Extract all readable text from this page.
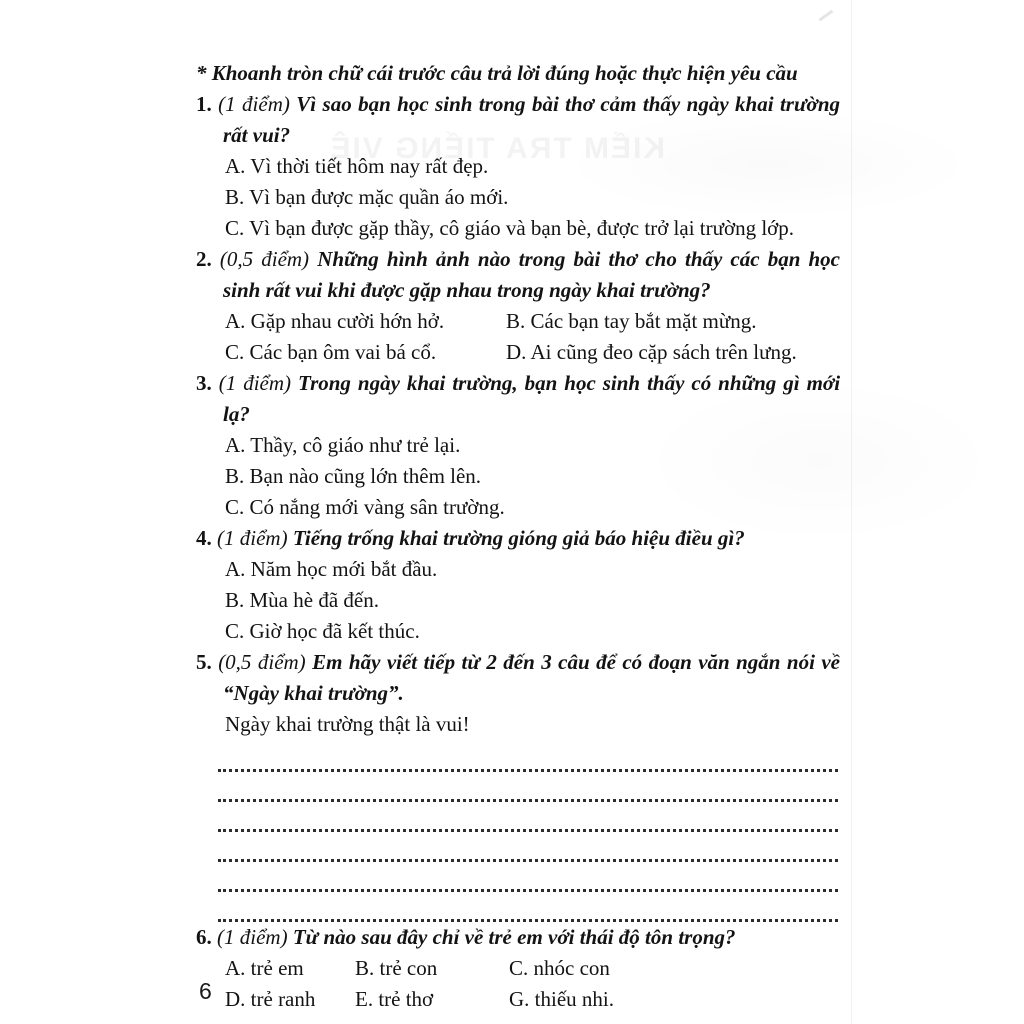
KIỂM TRA TIẾNG VIỆ

* Khoanh tròn chữ cái trước câu trả lời đúng hoặc thực hiện yêu cầu

1. (1 điểm) Vì sao bạn học sinh trong bài thơ cảm thấy ngày khai trường rất vui?

A. Vì thời tiết hôm nay rất đẹp.
B. Vì bạn được mặc quần áo mới.
C. Vì bạn được gặp thầy, cô giáo và bạn bè, được trở lại trường lớp.

2. (0,5 điểm) Những hình ảnh nào trong bài thơ cho thấy các bạn học sinh rất vui khi được gặp nhau trong ngày khai trường?

A. Gặp nhau cười hớn hở.	B. Các bạn tay bắt mặt mừng.
C. Các bạn ôm vai bá cổ.	D. Ai cũng đeo cặp sách trên lưng.

3. (1 điểm) Trong ngày khai trường, bạn học sinh thấy có những gì mới lạ?

A. Thầy, cô giáo như trẻ lại.
B. Bạn nào cũng lớn thêm lên.
C. Có nắng mới vàng sân trường.

4. (1 điểm) Tiếng trống khai trường gióng giả báo hiệu điều gì?

A. Năm học mới bắt đầu.
B. Mùa hè đã đến.
C. Giờ học đã kết thúc.

5. (0,5 điểm) Em hãy viết tiếp từ 2 đến 3 câu để có đoạn văn ngắn nói về “Ngày khai trường”.

Ngày khai trường thật là vui!

6. (1 điểm) Từ nào sau đây chỉ về trẻ em với thái độ tôn trọng?

A. trẻ em	B. trẻ con	C. nhóc con
D. trẻ ranh	E. trẻ thơ	G. thiếu nhi.
6
